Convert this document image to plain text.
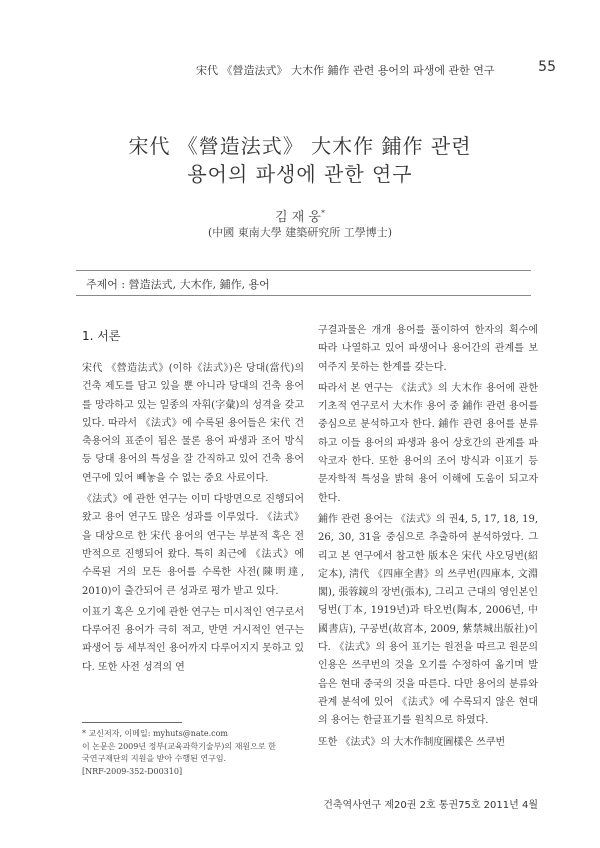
宋代 《營造法式》 大木作 鋪作 관련 용어의 파생에 관한 연구	55
宋代 《營造法式》 大木作 鋪作 관련
용어의 파생에 관한 연구
김 재 웅*
(中國 東南大學 建築研究所 工學博士)
주제어 : 營造法式, 大木作, 鋪作, 용어
1. 서론

宋代 《營造法式》(이하《法式》)은 당대(當代)의 건축 제도를 담고 있을 뿐 아니라 당대의 건축 용어를 망라하고 있는 일종의 자휘(字彙)의 성격을 갖고 있다. 따라서 《法式》에 수록된 용어들은 宋代 건축용어의 표준이 됨은 물론 용어 파생과 조어 방식 등 당대 용어의 특성을 잘 간직하고 있어 건축 용어 연구에 있어 빼놓을 수 없는 중요 사료이다.

《法式》에 관한 연구는 이미 다방면으로 진행되어 왔고 용어 연구도 많은 성과를 이루었다. 《法式》을 대상으로 한 宋代 용어의 연구는 부분적 혹은 전반적으로 진행되어 왔다. 특히 최근에 《法式》에 수록된 거의 모든 용어를 수록한 사전(陳明達, 2010)이 출간되어 큰 성과로 평가 받고 있다.

이표기 혹은 오기에 관한 연구는 미시적인 연구로서 다루어진 용어가 극히 적고, 반면 거시적인 연구는 파생어 등 세부적인 용어까지 다루어지지 못하고 있다. 또한 사전 성격의 연

구결과물은 개개 용어를 풀이하여 한자의 획수에 따라 나열하고 있어 파생어나 용어간의 관계를 보여주지 못하는 한계를 갖는다.

따라서 본 연구는 《法式》의 大木作 용어에 관한 기초적 연구로서 大木作 용어 중 鋪作 관련 용어를 중심으로 분석하고자 한다. 鋪作 관련 용어를 분류하고 이들 용어의 파생과 용어 상호간의 관계를 파악코자 한다. 또한 용어의 조어 방식과 이표기 등 문자학적 특성을 밝혀 용어 이해에 도움이 되고자 한다.

鋪作 관련 용어는 《法式》의 권4, 5, 17, 18, 19, 26, 30, 31을 중심으로 추출하여 분석하였다. 그리고 본 연구에서 참고한 版本은 宋代 샤오딩번(紹定本), 淸代 《四庫全書》의 쓰쿠번(四庫本, 文淵閣), 張蓉鏡의 장번(張本), 그리고 근대의 영인본인 딩번(丁本, 1919년)과 타오번(陶本, 2006년, 中國書店), 구공번(故宮本, 2009, 紫禁城出版社)이다. 《法式》의 용어 표기는 원전을 따르고 원문의 인용은 쓰쿠번의 것을 오기를 수정하여 옮기며 발음은 현대 중국의 것을 따른다. 다만 용어의 분류와 관계 분석에 있어 《法式》에 수록되지 않은 현대의 용어는 한글표기를 원칙으로 하였다.

또한 《法式》의 大木作制度圖樣은 쓰쿠번

* 교신저자, 이메일: myhuts@nate.com
이 논문은 2009년 정부(교육과학기술부)의 재원으로 한
국연구재단의 지원을 받아 수행된 연구임.
[NRF-2009-352-D00310]
건축역사연구 제20권 2호 통권75호 2011년 4월
